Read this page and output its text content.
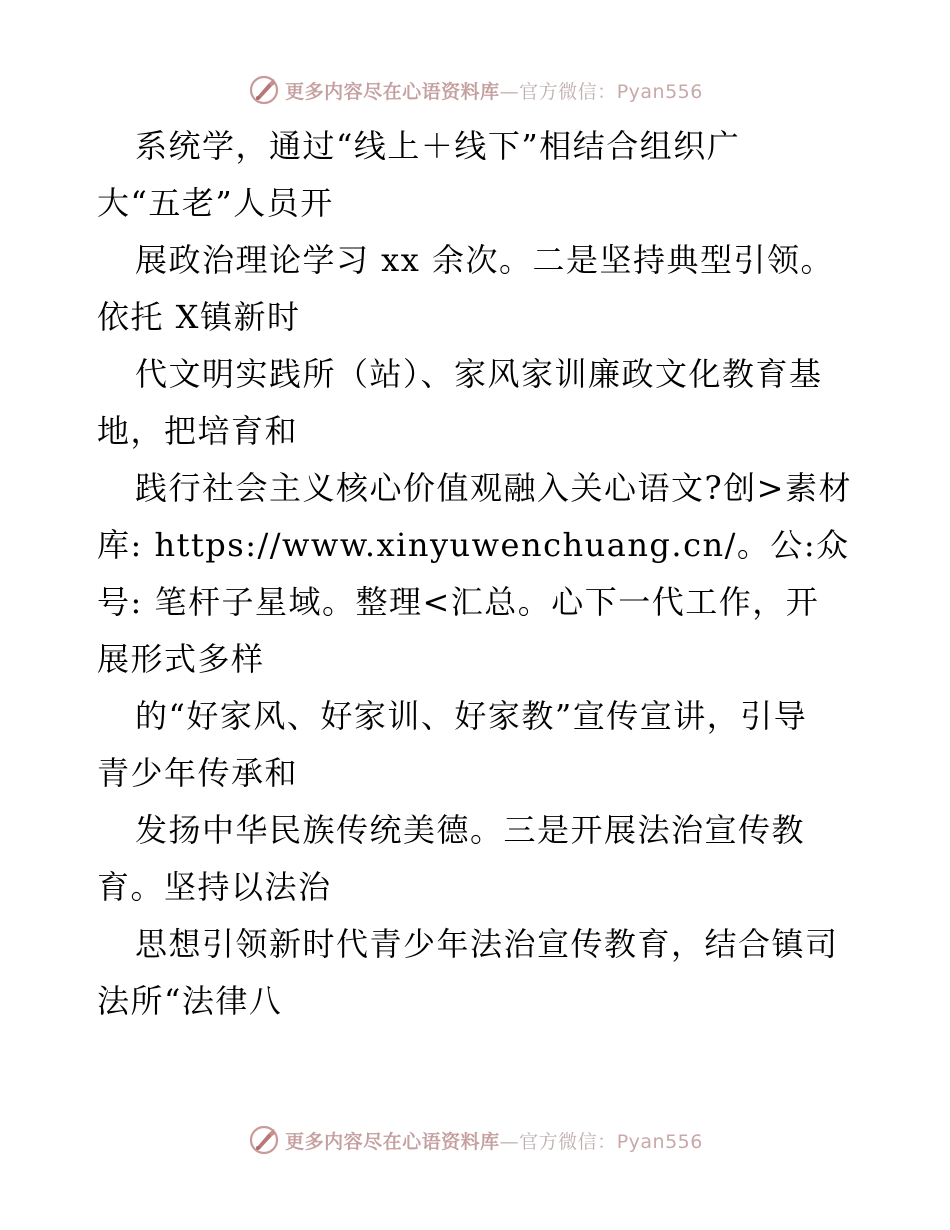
更多内容尽在心语资料库—官方微信：Pyan556
系统学，通过“线上＋线下”相结合组织广
大“五老”人员开
展政治理论学习 xx 余次。二是坚持典型引领。
依托 X镇新时
代文明实践所（站）、家风家训廉政文化教育基
地，把培育和
践行社会主义核心价值观融入关心语文?创>素材
库: https://www.xinyuwenchuang.cn/。公:众
号: 笔杆子星域。整理<汇总。心下一代工作，开
展形式多样
的“好家风、好家训、好家教”宣传宣讲，引导
青少年传承和
发扬中华民族传统美德。三是开展法治宣传教
育。坚持以法治
思想引领新时代青少年法治宣传教育，结合镇司
法所“法律八
更多内容尽在心语资料库—官方微信：Pyan556
